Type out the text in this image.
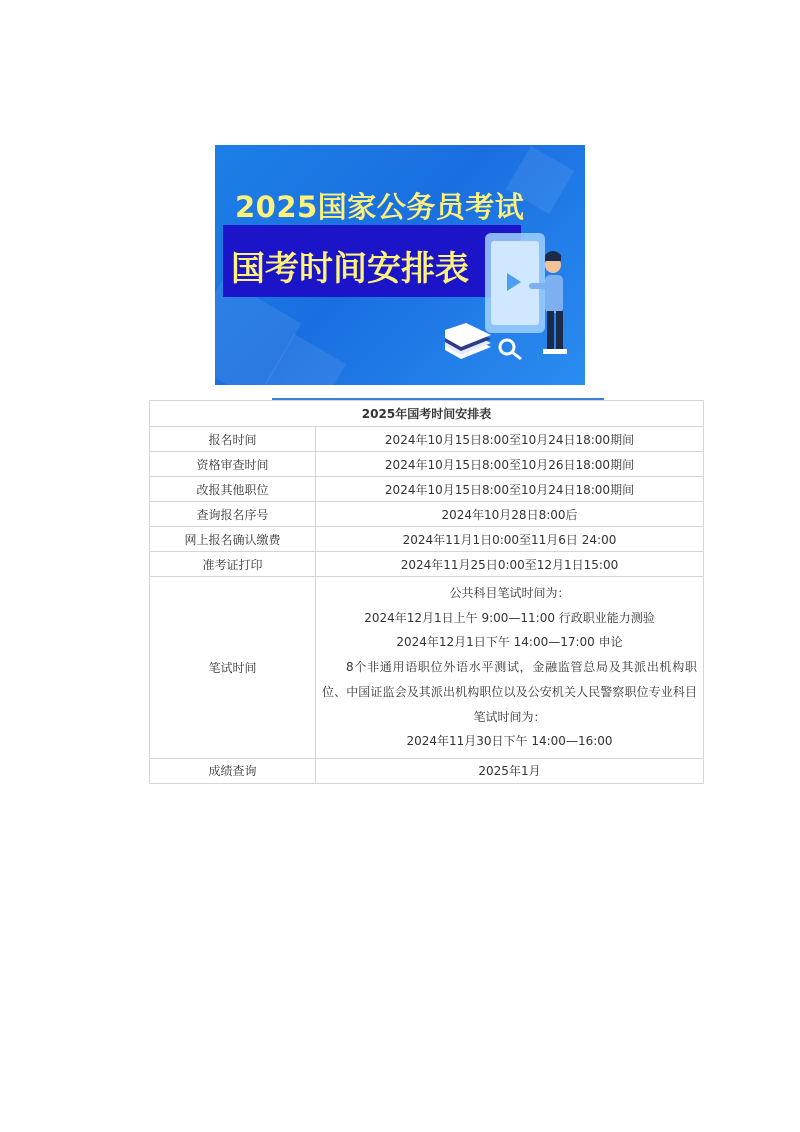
2025国家公务员考试
国考时间安排表
2025年国考时间安排表	
报名时间	2024年10月15日8:00至10月24日18:00期间
资格审查时间	2024年10月15日8:00至10月26日18:00期间
改报其他职位	2024年10月15日8:00至10月24日18:00期间
查询报名序号	2024年10月28日8:00后
网上报名确认缴费	2024年11月1日0:00至11月6日 24:00
准考证打印	2024年11月25日0:00至12月1日15:00
笔试时间	公共科目笔试时间为：
2024年12月1日上午 9:00—11:00 行政职业能力测验
2024年12月1日下午 14:00—17:00 申论
8个非通用语职位外语水平测试，金融监管总局及其派出机构职位、中国证监会及其派出机构职位以及公安机关人民警察职位专业科目笔试时间为：
2024年11月30日下午 14:00—16:00

成绩查询	2025年1月
